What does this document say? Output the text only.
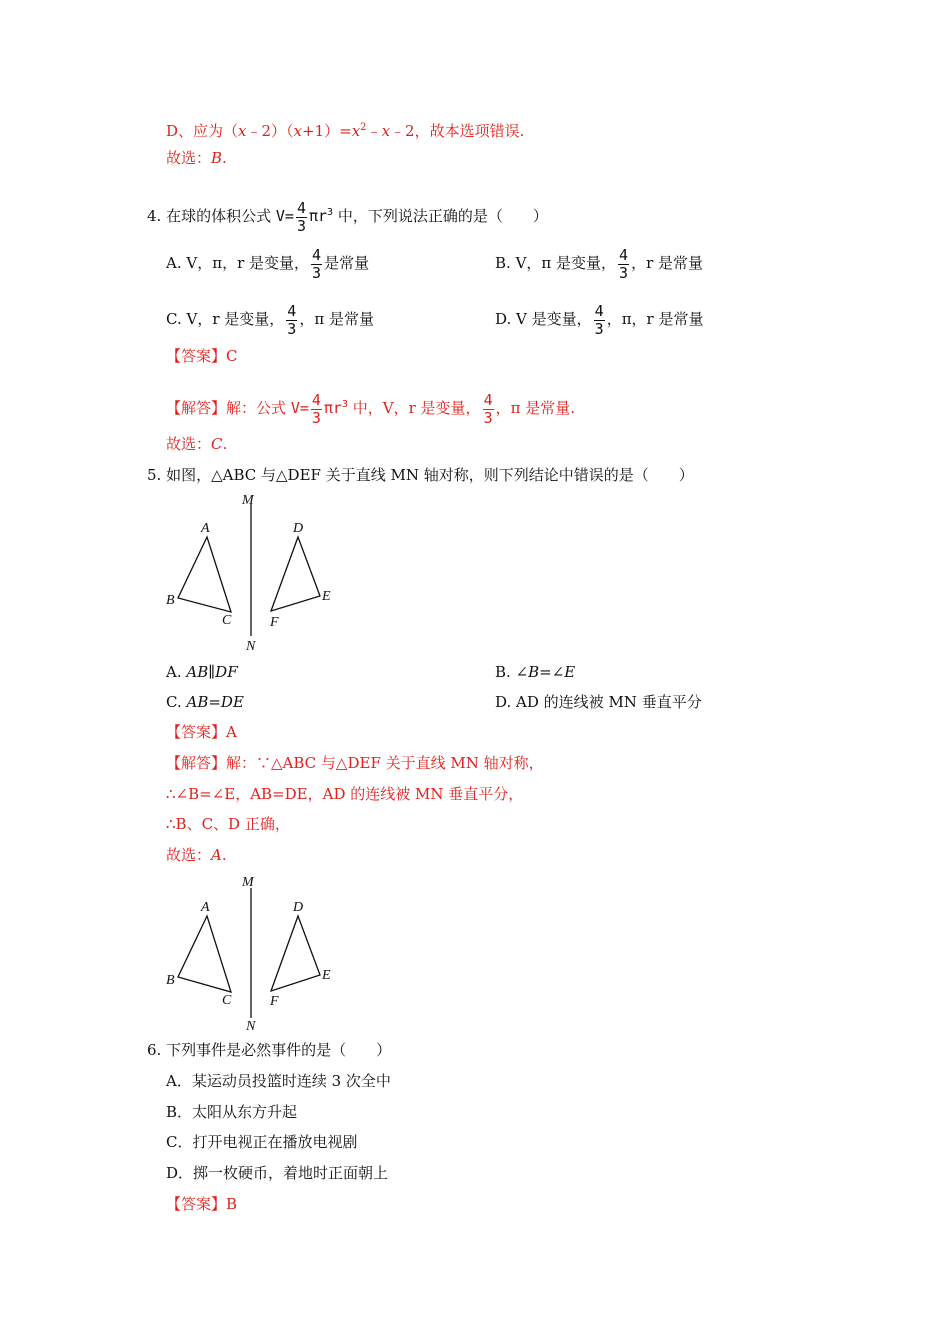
D、应为$(x﹣2)(x+1)=x^2﹣x﹣2$，故本选项错误.
故选：B.
4. 在球的体积公式 $V= \frac{4}{3} \pi r^3$ 中，下列说法正确的是（　　）
A. V，π，r 是变量， $\frac{4}{3}$ 是常量	B. V，π 是变量， $\frac{4}{3}$ ，r 是常量
C. V，r 是变量， $\frac{4}{3}$ ，π 是常量	D. V 是变量， $\frac{4}{3}$ ，π，r 是常量
【答案】C
【解答】解：公式 $V= \frac{4}{3} \pi r^3$ 中，V，r 是变量， $\frac{4}{3}$ ，π 是常量.
故选：C.
5. 如图，△ABC 与△DEF 关于直线 MN 轴对称，则下列结论中错误的是（　　）
M
N
A
B
C
D
E
F
A. AB∥DF	B. ∠B=∠E
C. AB=DE	D. AD 的连线被 MN 垂直平分
【答案】A
【解答】解：∵△ABC 与△DEF 关于直线 MN 轴对称，
∴∠B=∠E，AB=DE，AD 的连线被 MN 垂直平分，
∴B、C、D 正确，
故选：A.
M
N
A
B
C
D
E
F
6. 下列事件是必然事件的是（　　）
A．某运动员投篮时连续 3 次全中
B．太阳从东方升起
C．打开电视正在播放电视剧
D．掷一枚硬币，着地时正面朝上
【答案】B
